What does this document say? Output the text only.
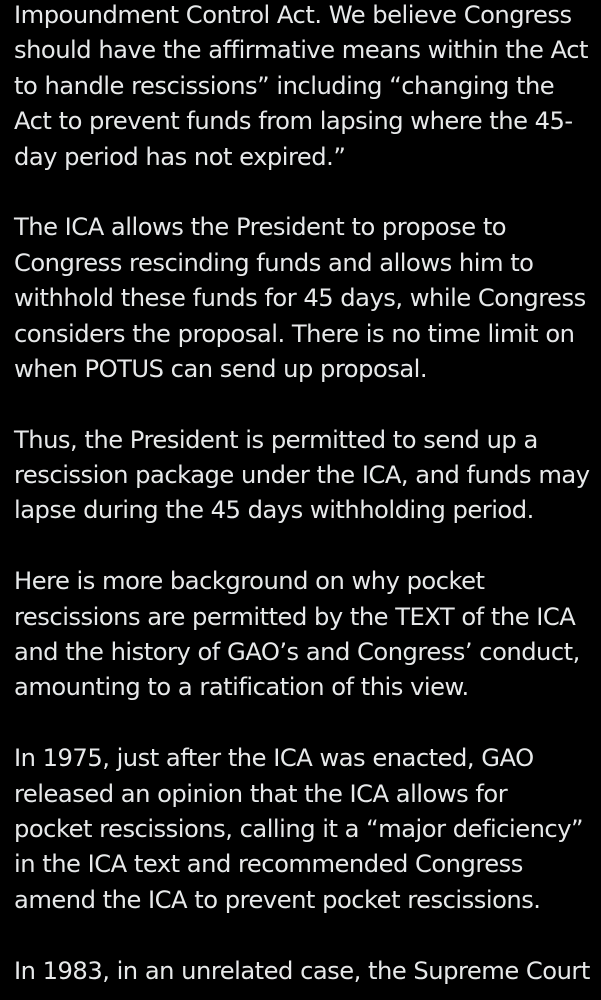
Impoundment Control Act. We believe Congress
should have the affirmative means within the Act
to handle rescissions” including “changing the
Act to prevent funds from lapsing where the 45-
day period has not expired.”
The ICA allows the President to propose to
Congress rescinding funds and allows him to
withhold these funds for 45 days, while Congress
considers the proposal. There is no time limit on
when POTUS can send up proposal.
Thus, the President is permitted to send up a
rescission package under the ICA, and funds may
lapse during the 45 days withholding period.
Here is more background on why pocket
rescissions are permitted by the TEXT of the ICA
and the history of GAO’s and Congress’ conduct,
amounting to a ratification of this view.
In 1975, just after the ICA was enacted, GAO
released an opinion that the ICA allows for
pocket rescissions, calling it a “major deficiency”
in the ICA text and recommended Congress
amend the ICA to prevent pocket rescissions.
In 1983, in an unrelated case, the Supreme Court
